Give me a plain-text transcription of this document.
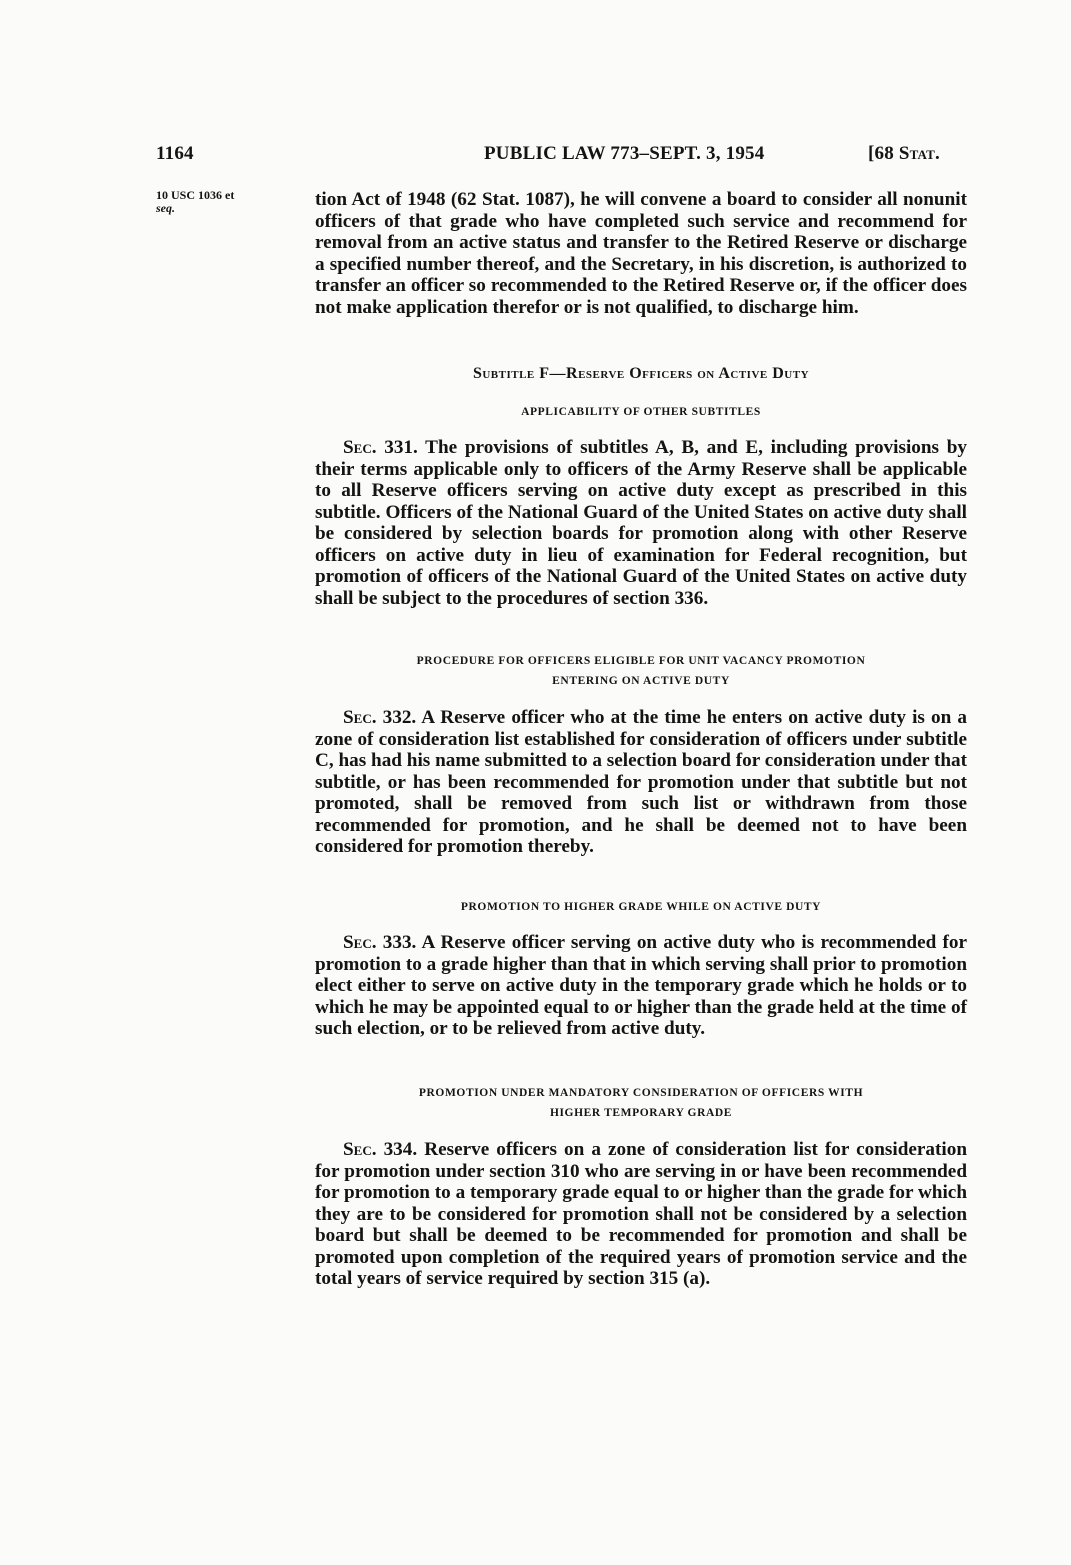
1164	PUBLIC LAW 773–SEPT. 3, 1954	[68 Stat.
10 USC 1036 et
seq.	tion Act of 1948 (62 Stat. 1087), he will convene a board to consider all nonunit officers of that grade who have completed such service and recommend for removal from an active status and transfer to the Retired Reserve or discharge a specified number thereof, and the Secretary, in his discretion, is authorized to transfer an officer so recommended to the Retired Reserve or, if the officer does not make application therefor or is not qualified, to discharge him.
Subtitle F—Reserve Officers on Active Duty
APPLICABILITY OF OTHER SUBTITLES
Sec. 331. The provisions of subtitles A, B, and E, including provisions by their terms applicable only to officers of the Army Reserve shall be applicable to all Reserve officers serving on active duty except as prescribed in this subtitle. Officers of the National Guard of the United States on active duty shall be considered by selection boards for promotion along with other Reserve officers on active duty in lieu of examination for Federal recognition, but promotion of officers of the National Guard of the United States on active duty shall be subject to the procedures of section 336.
PROCEDURE FOR OFFICERS ELIGIBLE FOR UNIT VACANCY PROMOTION
ENTERING ON ACTIVE DUTY
Sec. 332. A Reserve officer who at the time he enters on active duty is on a zone of consideration list established for consideration of officers under subtitle C, has had his name submitted to a selection board for consideration under that subtitle, or has been recommended for promotion under that subtitle but not promoted, shall be removed from such list or withdrawn from those recommended for promotion, and he shall be deemed not to have been considered for promotion thereby.
PROMOTION TO HIGHER GRADE WHILE ON ACTIVE DUTY
Sec. 333. A Reserve officer serving on active duty who is recommended for promotion to a grade higher than that in which serving shall prior to promotion elect either to serve on active duty in the temporary grade which he holds or to which he may be appointed equal to or higher than the grade held at the time of such election, or to be relieved from active duty.
PROMOTION UNDER MANDATORY CONSIDERATION OF OFFICERS WITH
HIGHER TEMPORARY GRADE
Sec. 334. Reserve officers on a zone of consideration list for consideration for promotion under section 310 who are serving in or have been recommended for promotion to a temporary grade equal to or higher than the grade for which they are to be considered for promotion shall not be considered by a selection board but shall be deemed to be recommended for promotion and shall be promoted upon completion of the required years of promotion service and the total years of service required by section 315 (a).
